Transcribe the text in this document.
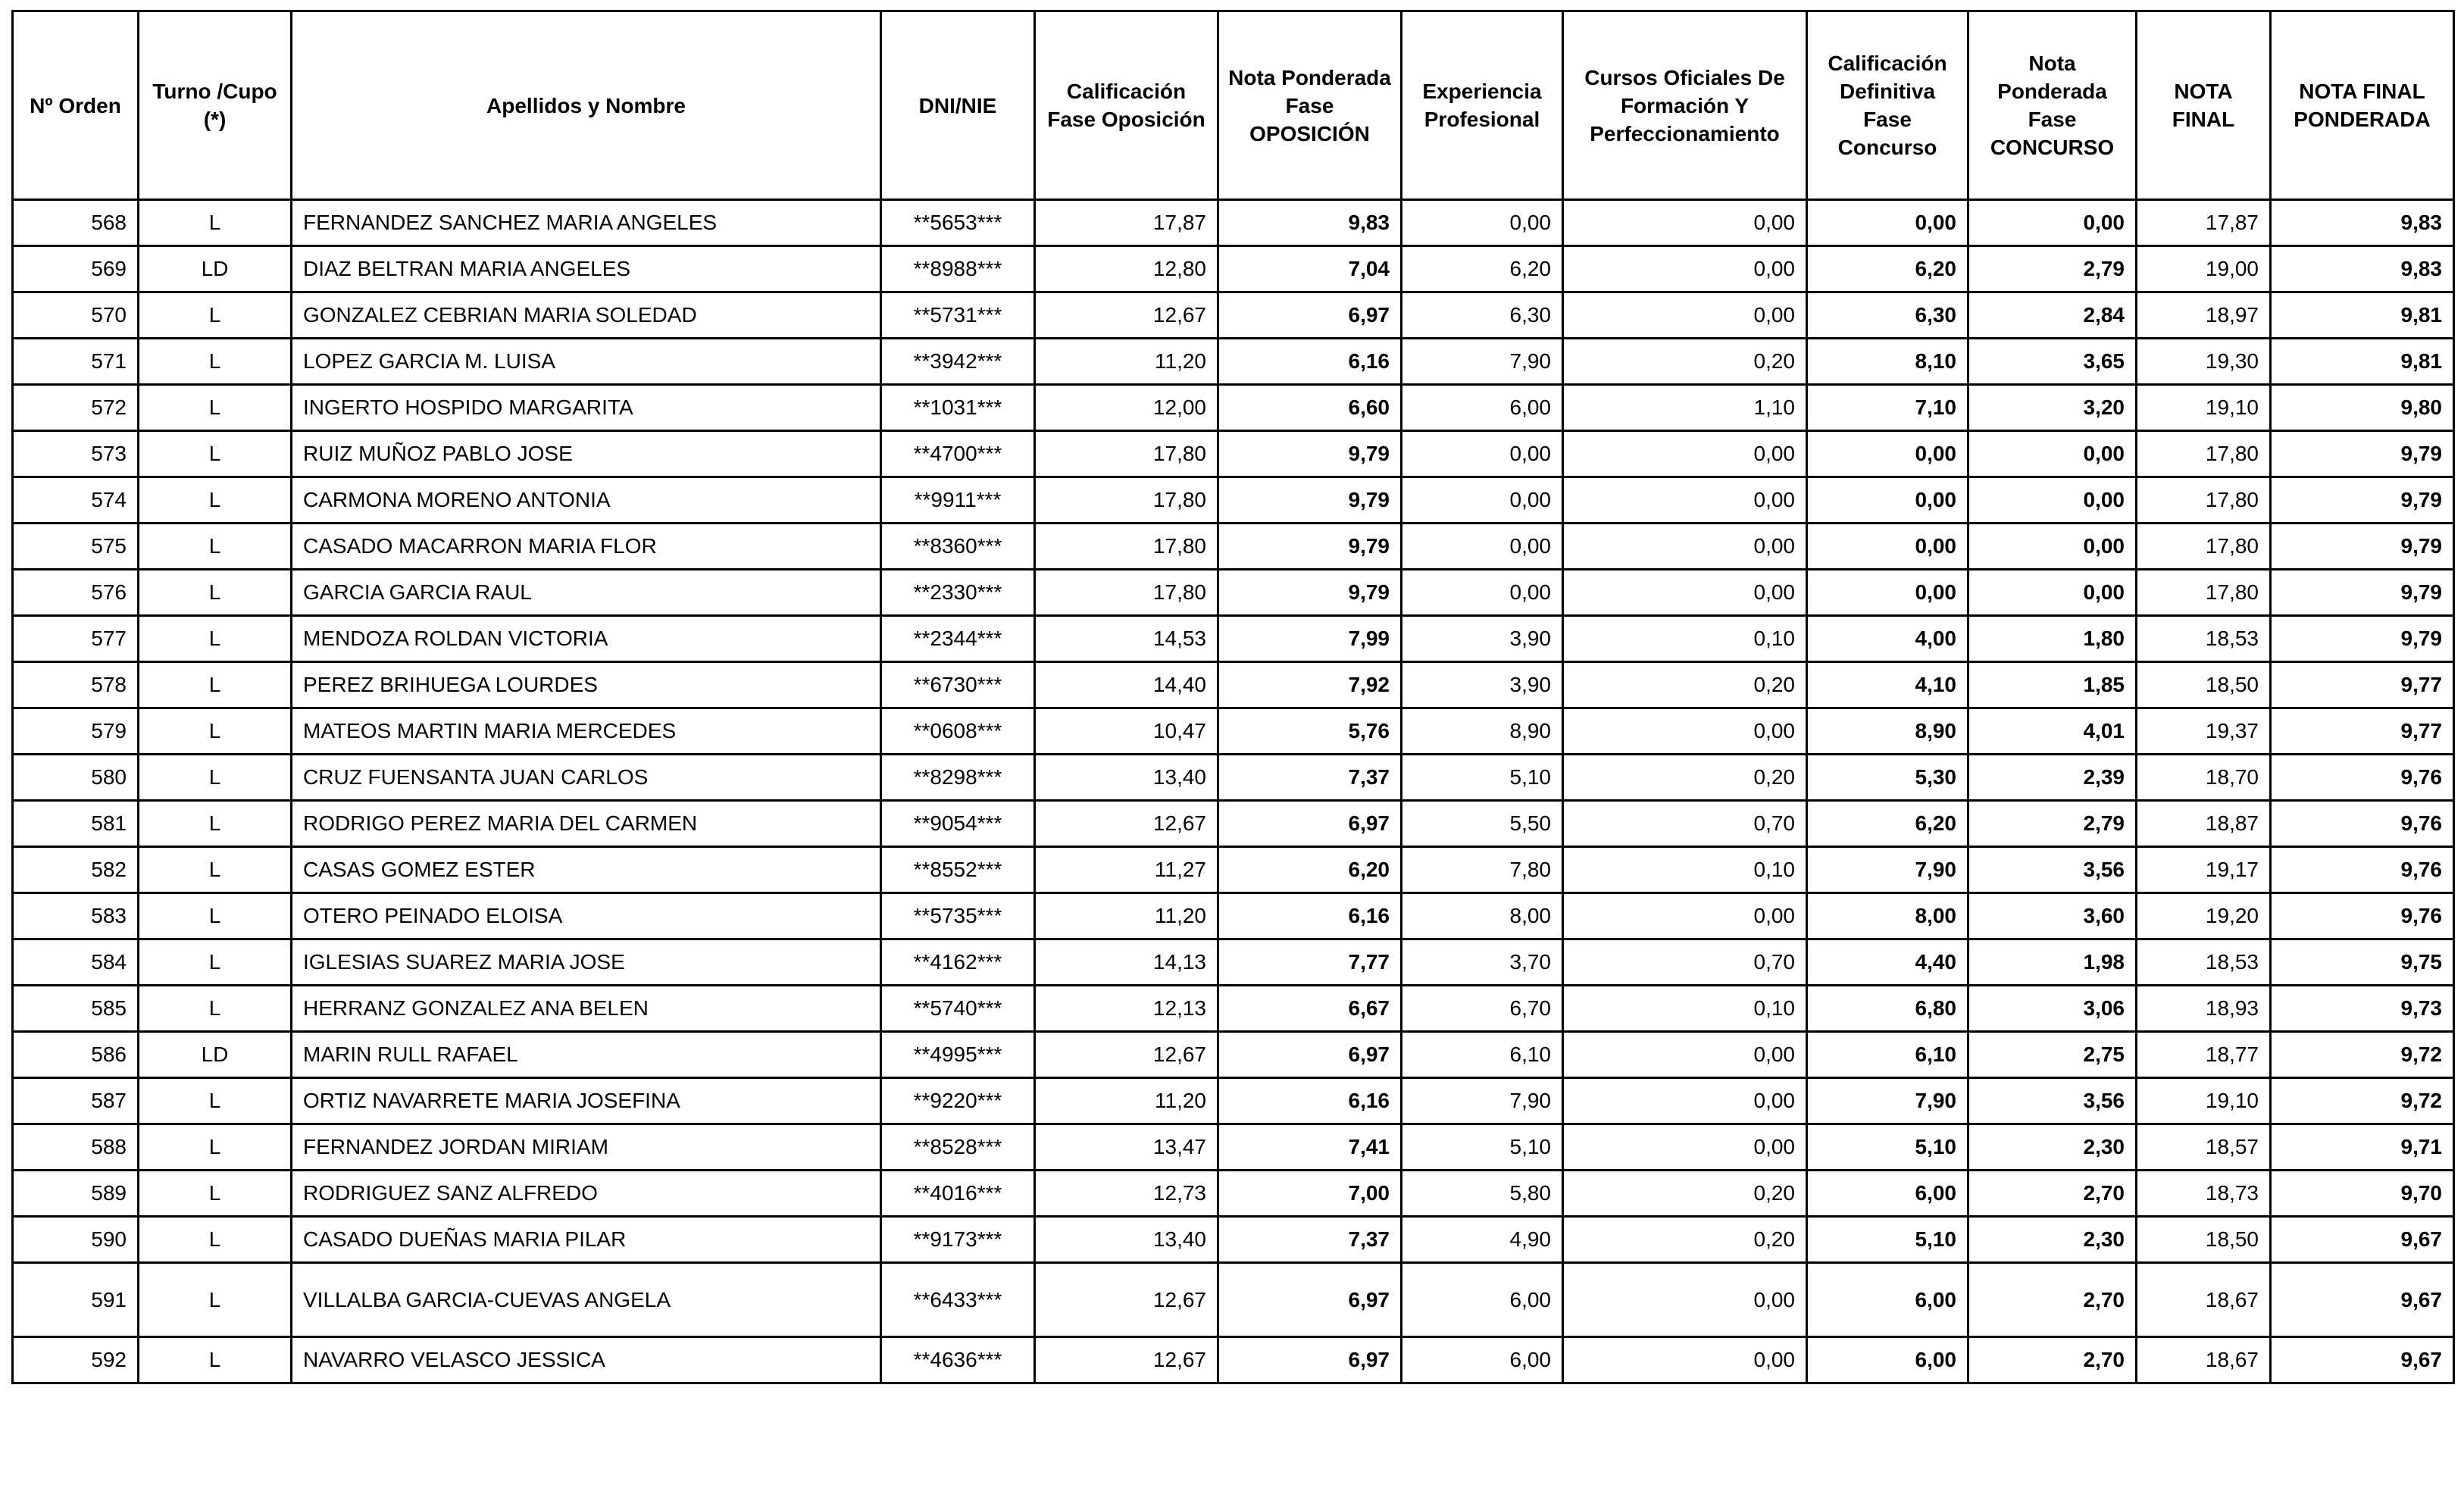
Nº Orden	Turno /Cupo (*)	Apellidos y Nombre	DNI/NIE	Calificación Fase Oposición	Nota Ponderada Fase OPOSICIÓN	Experiencia Profesional	Cursos Oficiales De Formación Y Perfeccionamiento	Calificación Definitiva Fase Concurso	Nota Ponderada Fase CONCURSO	NOTA FINAL	NOTA FINAL PONDERADA
568	L	FERNANDEZ SANCHEZ MARIA ANGELES	**5653***	17,87	9,83	0,00	0,00	0,00	0,00	17,87	9,83
569	LD	DIAZ BELTRAN MARIA ANGELES	**8988***	12,80	7,04	6,20	0,00	6,20	2,79	19,00	9,83
570	L	GONZALEZ CEBRIAN MARIA SOLEDAD	**5731***	12,67	6,97	6,30	0,00	6,30	2,84	18,97	9,81
571	L	LOPEZ GARCIA M. LUISA	**3942***	11,20	6,16	7,90	0,20	8,10	3,65	19,30	9,81
572	L	INGERTO HOSPIDO MARGARITA	**1031***	12,00	6,60	6,00	1,10	7,10	3,20	19,10	9,80
573	L	RUIZ MUÑOZ PABLO JOSE	**4700***	17,80	9,79	0,00	0,00	0,00	0,00	17,80	9,79
574	L	CARMONA MORENO ANTONIA	**9911***	17,80	9,79	0,00	0,00	0,00	0,00	17,80	9,79
575	L	CASADO MACARRON MARIA FLOR	**8360***	17,80	9,79	0,00	0,00	0,00	0,00	17,80	9,79
576	L	GARCIA GARCIA RAUL	**2330***	17,80	9,79	0,00	0,00	0,00	0,00	17,80	9,79
577	L	MENDOZA ROLDAN VICTORIA	**2344***	14,53	7,99	3,90	0,10	4,00	1,80	18,53	9,79
578	L	PEREZ BRIHUEGA LOURDES	**6730***	14,40	7,92	3,90	0,20	4,10	1,85	18,50	9,77
579	L	MATEOS MARTIN MARIA MERCEDES	**0608***	10,47	5,76	8,90	0,00	8,90	4,01	19,37	9,77
580	L	CRUZ FUENSANTA JUAN CARLOS	**8298***	13,40	7,37	5,10	0,20	5,30	2,39	18,70	9,76
581	L	RODRIGO PEREZ MARIA DEL CARMEN	**9054***	12,67	6,97	5,50	0,70	6,20	2,79	18,87	9,76
582	L	CASAS GOMEZ ESTER	**8552***	11,27	6,20	7,80	0,10	7,90	3,56	19,17	9,76
583	L	OTERO PEINADO ELOISA	**5735***	11,20	6,16	8,00	0,00	8,00	3,60	19,20	9,76
584	L	IGLESIAS SUAREZ MARIA JOSE	**4162***	14,13	7,77	3,70	0,70	4,40	1,98	18,53	9,75
585	L	HERRANZ GONZALEZ ANA BELEN	**5740***	12,13	6,67	6,70	0,10	6,80	3,06	18,93	9,73
586	LD	MARIN RULL RAFAEL	**4995***	12,67	6,97	6,10	0,00	6,10	2,75	18,77	9,72
587	L	ORTIZ NAVARRETE MARIA JOSEFINA	**9220***	11,20	6,16	7,90	0,00	7,90	3,56	19,10	9,72
588	L	FERNANDEZ JORDAN MIRIAM	**8528***	13,47	7,41	5,10	0,00	5,10	2,30	18,57	9,71
589	L	RODRIGUEZ SANZ ALFREDO	**4016***	12,73	7,00	5,80	0,20	6,00	2,70	18,73	9,70
590	L	CASADO DUEÑAS MARIA PILAR	**9173***	13,40	7,37	4,90	0,20	5,10	2,30	18,50	9,67
591	L	VILLALBA GARCIA-CUEVAS ANGELA	**6433***	12,67	6,97	6,00	0,00	6,00	2,70	18,67	9,67
592	L	NAVARRO VELASCO JESSICA	**4636***	12,67	6,97	6,00	0,00	6,00	2,70	18,67	9,67
